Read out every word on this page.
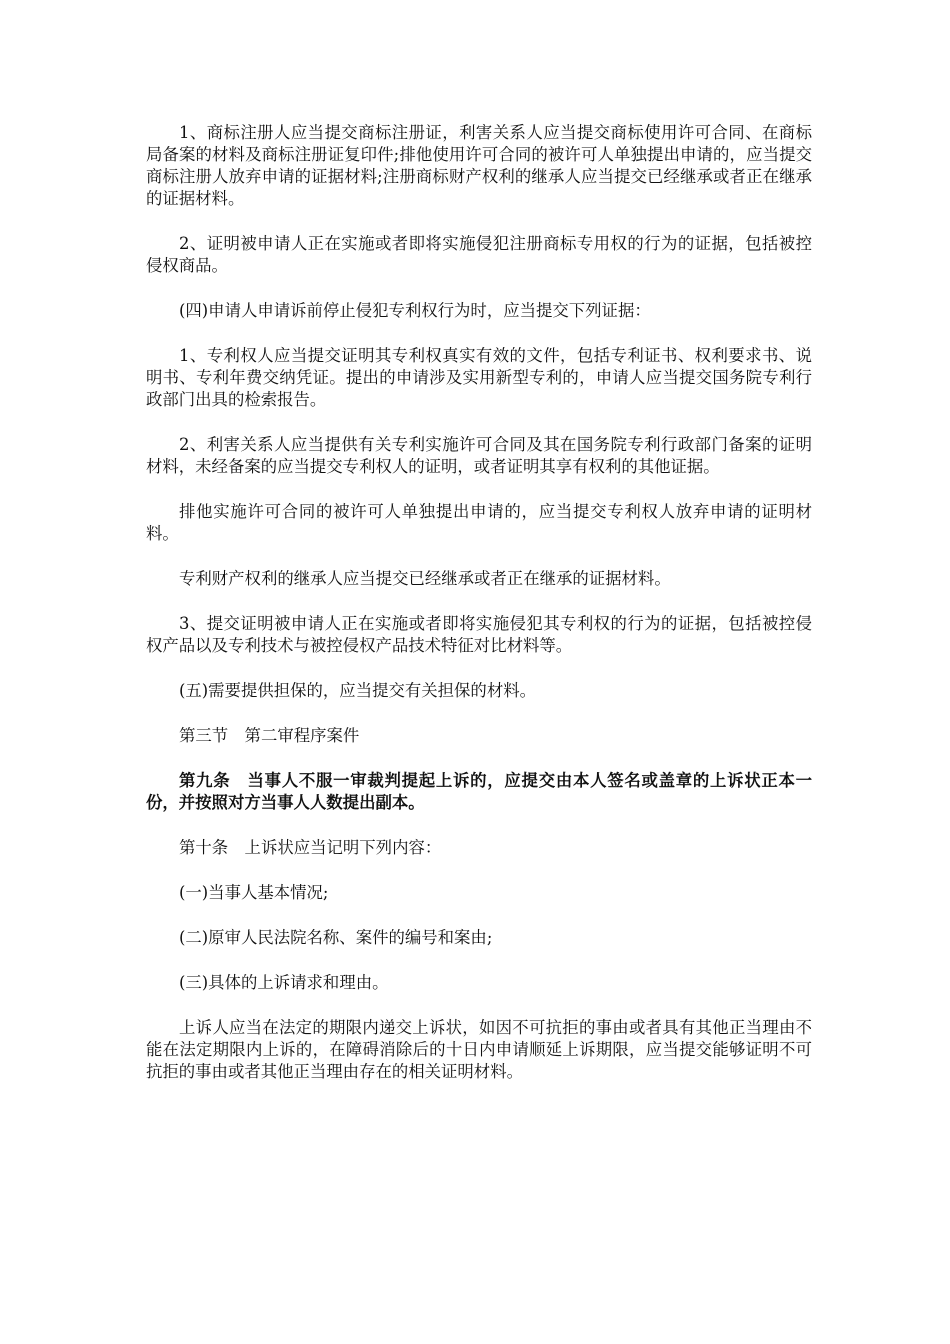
1、商标注册人应当提交商标注册证，利害关系人应当提交商标使用许可合同、在商标局备案的材料及商标注册证复印件;排他使用许可合同的被许可人单独提出申请的，应当提交商标注册人放弃申请的证据材料;注册商标财产权利的继承人应当提交已经继承或者正在继承的证据材料。

2、证明被申请人正在实施或者即将实施侵犯注册商标专用权的行为的证据，包括被控侵权商品。

(四)申请人申请诉前停止侵犯专利权行为时，应当提交下列证据：

1、专利权人应当提交证明其专利权真实有效的文件，包括专利证书、权利要求书、说明书、专利年费交纳凭证。提出的申请涉及实用新型专利的，申请人应当提交国务院专利行政部门出具的检索报告。

2、利害关系人应当提供有关专利实施许可合同及其在国务院专利行政部门备案的证明材料，未经备案的应当提交专利权人的证明，或者证明其享有权利的其他证据。

排他实施许可合同的被许可人单独提出申请的，应当提交专利权人放弃申请的证明材料。

专利财产权利的继承人应当提交已经继承或者正在继承的证据材料。

3、提交证明被申请人正在实施或者即将实施侵犯其专利权的行为的证据，包括被控侵权产品以及专利技术与被控侵权产品技术特征对比材料等。

(五)需要提供担保的，应当提交有关担保的材料。

第三节　第二审程序案件

第九条　当事人不服一审裁判提起上诉的，应提交由本人签名或盖章的上诉状正本一份，并按照对方当事人人数提出副本。

第十条　上诉状应当记明下列内容：

(一)当事人基本情况;

(二)原审人民法院名称、案件的编号和案由;

(三)具体的上诉请求和理由。

上诉人应当在法定的期限内递交上诉状，如因不可抗拒的事由或者具有其他正当理由不能在法定期限内上诉的，在障碍消除后的十日内申请顺延上诉期限，应当提交能够证明不可抗拒的事由或者其他正当理由存在的相关证明材料。
